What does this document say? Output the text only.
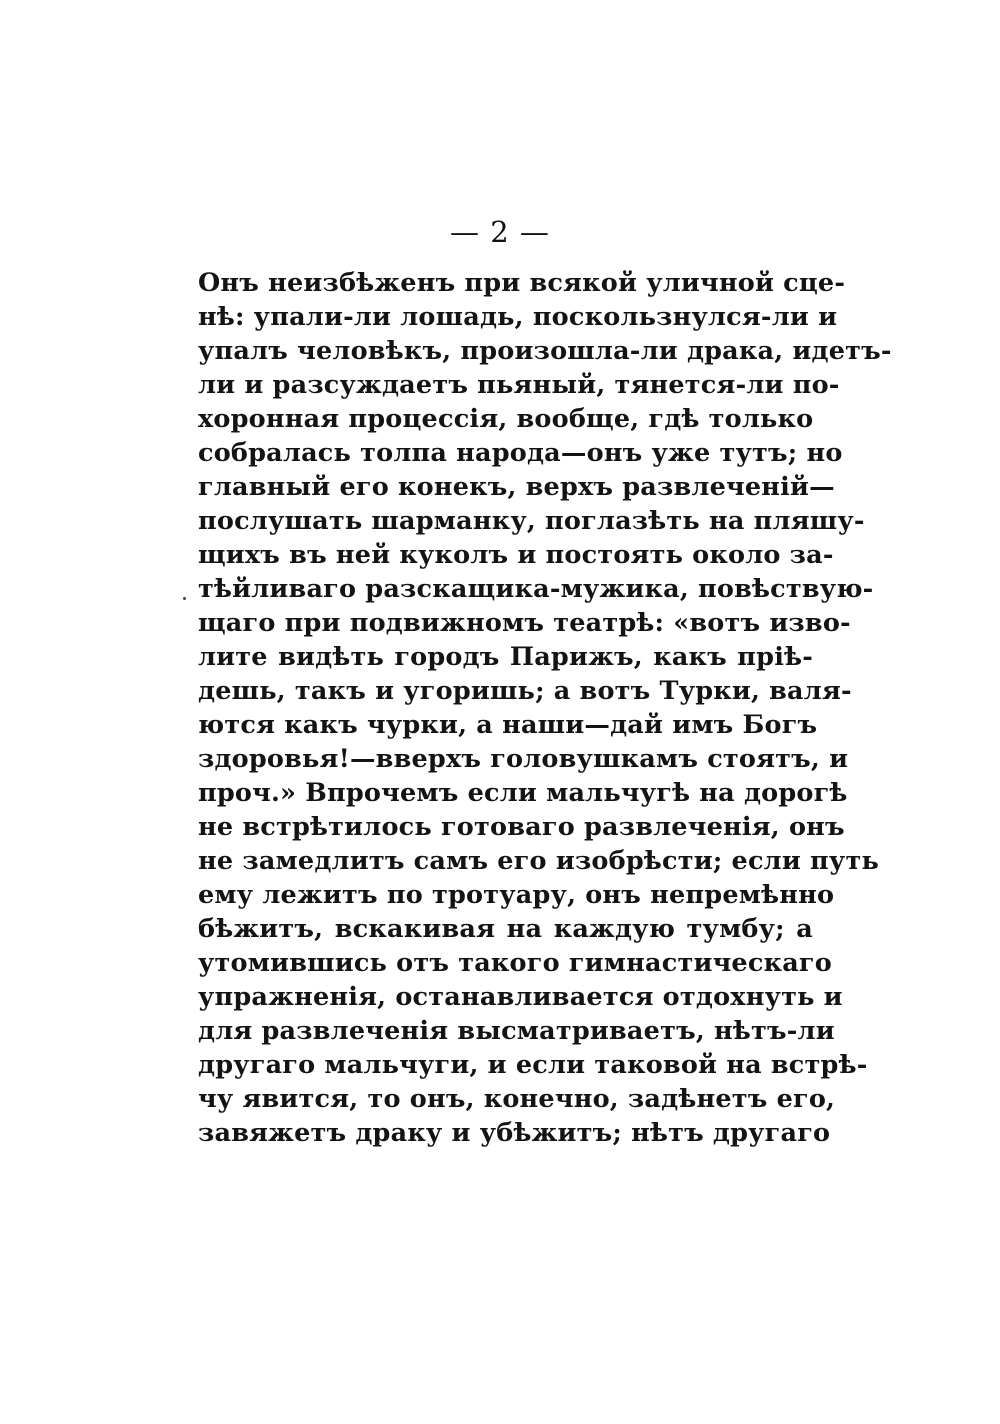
— 2 —
Онъ неизбѣженъ при всякой уличной сце-
нѣ: упали-ли лошадь, поскользнулся-ли и
упалъ человѣкъ, произошла-ли драка, идетъ-
ли и разсуждаетъ пьяный, тянется-ли по-
хоронная процессія, вообще, гдѣ только
собралась толпа народа—онъ уже тутъ; но
главный его конекъ, верхъ развлеченій—
послушать шарманку, поглазѣть на пляшу-
щихъ въ ней куколъ и постоять около за-
тѣйливаго разскащика-мужика, повѣствую-
щаго при подвижномъ театрѣ: «вотъ изво-
лите видѣть городъ Парижъ, какъ прiѣ-
дешь, такъ и угоришь; а вотъ Турки, валя-
ются какъ чурки, а наши—дай имъ Богъ
здоровья!—вверхъ головушкамъ стоятъ, и
проч.» Впрочемъ если мальчугѣ на дорогѣ
не встрѣтилось готоваго развлеченія, онъ
не замедлитъ самъ его изобрѣсти; если путь
ему лежитъ по тротуару, онъ непремѣнно
бѣжитъ, вскакивая на каждую тумбу; а
утомившись отъ такого гимнастическаго
упражненія, останавливается отдохнуть и
для развлеченія высматриваетъ, нѣтъ-ли
другаго мальчуги, и если таковой на встрѣ-
чу явится, то онъ, конечно, задѣнетъ его,
завяжетъ драку и убѣжитъ; нѣтъ другаго
